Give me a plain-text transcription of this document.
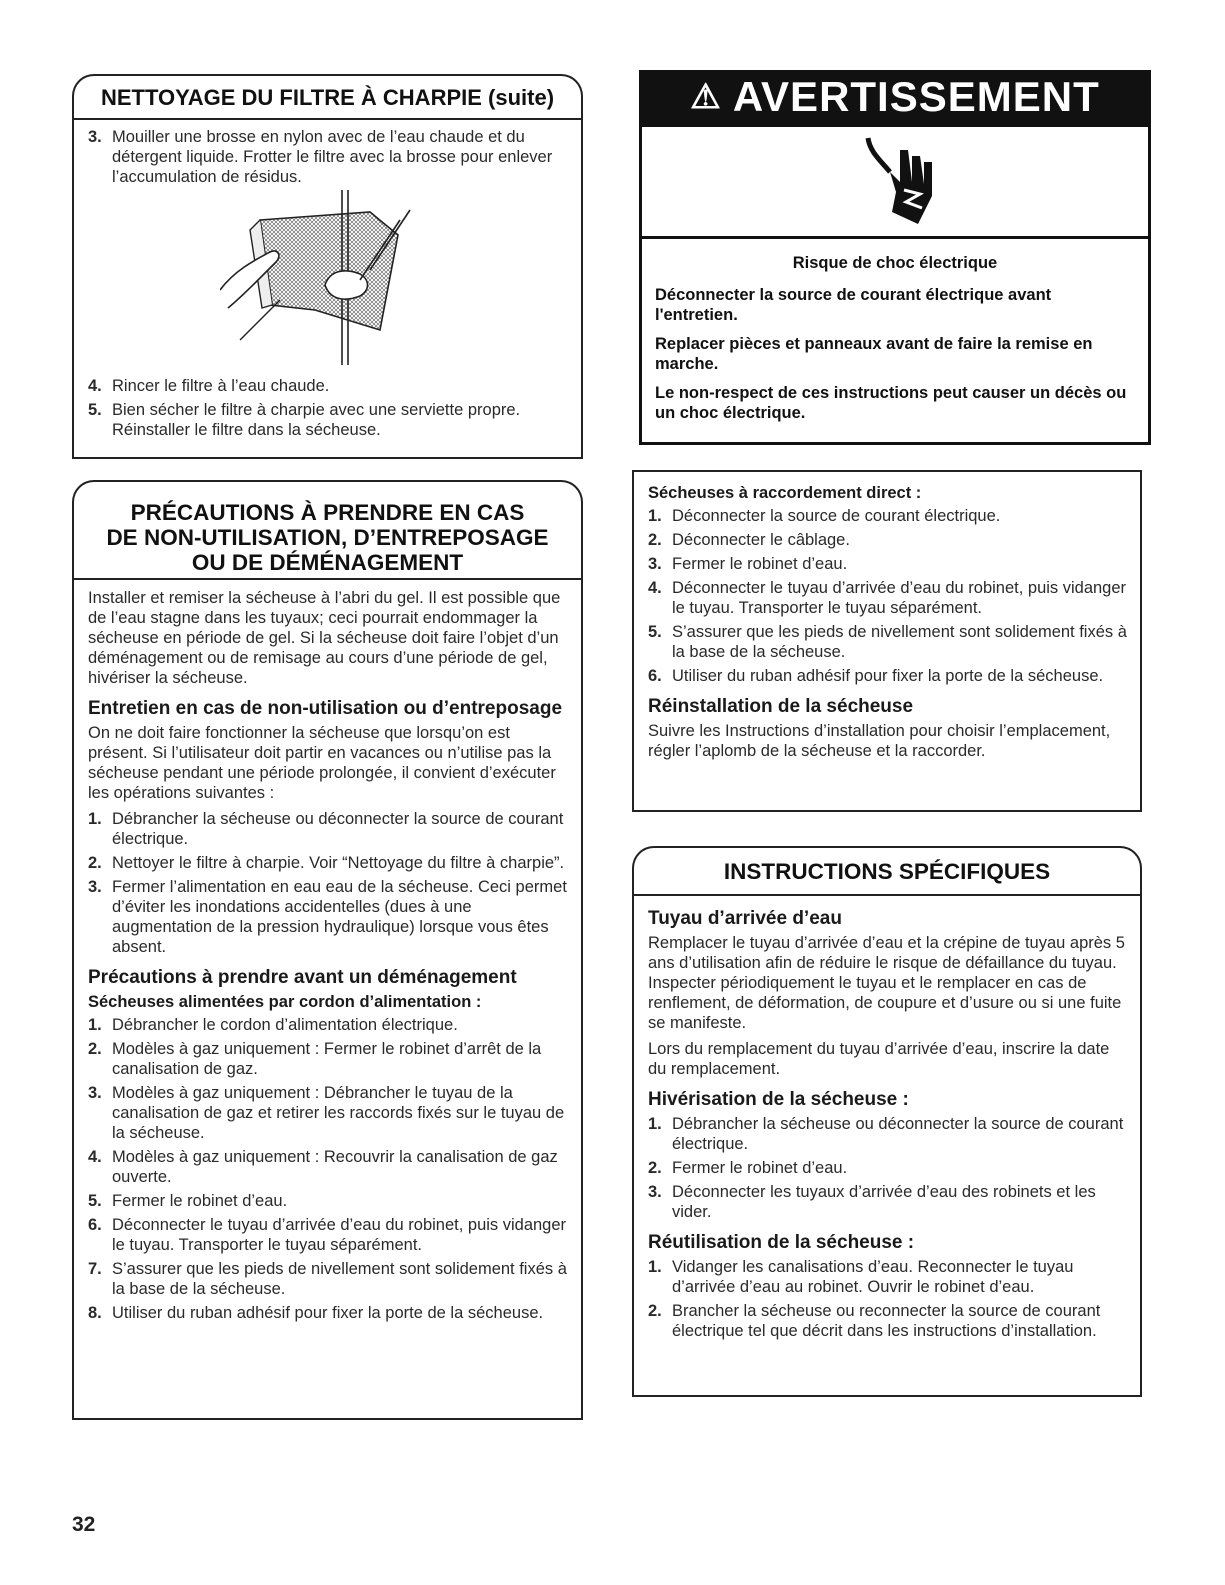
NETTOYAGE DU FILTRE À CHARPIE (suite)
3. Mouiller une brosse en nylon avec de l’eau chaude et du détergent liquide. Frotter le filtre avec la brosse pour enlever l’accumulation de résidus.
4. Rincer le filtre à l’eau chaude.
5. Bien sécher le filtre à charpie avec une serviette propre. Réinstaller le filtre dans la sécheuse.
⚠ AVERTISSEMENT

Risque de choc électrique

Déconnecter la source de courant électrique avant l'entretien.

Replacer pièces et panneaux avant de faire la remise en marche.

Le non-respect de ces instructions peut causer un décès ou un choc électrique.

PRÉCAUTIONS À PRENDRE EN CAS
DE NON-UTILISATION, D’ENTREPOSAGE
OU DE DÉMÉNAGEMENT

Installer et remiser la sécheuse à l’abri du gel. Il est possible que de l’eau stagne dans les tuyaux; ceci pourrait endommager la sécheuse en période de gel. Si la sécheuse doit faire l’objet d’un déménagement ou de remisage au cours d’une période de gel, hivériser la sécheuse.

Entretien en cas de non-utilisation ou d’entreposage

On ne doit faire fonctionner la sécheuse que lorsqu’on est présent. Si l’utilisateur doit partir en vacances ou n’utilise pas la sécheuse pendant une période prolongée, il convient d’exécuter les opérations suivantes :

1. Débrancher la sécheuse ou déconnecter la source de courant électrique.
2. Nettoyer le filtre à charpie. Voir “Nettoyage du filtre à charpie”.
3. Fermer l’alimentation en eau eau de la sécheuse. Ceci permet d’éviter les inondations accidentelles (dues à une augmentation de la pression hydraulique) lorsque vous êtes absent.
Précautions à prendre avant un déménagement
Sécheuses alimentées par cordon d’alimentation :
1. Débrancher le cordon d’alimentation électrique.
2. Modèles à gaz uniquement : Fermer le robinet d’arrêt de la canalisation de gaz.
3. Modèles à gaz uniquement : Débrancher le tuyau de la canalisation de gaz et retirer les raccords fixés sur le tuyau de la sécheuse.
4. Modèles à gaz uniquement : Recouvrir la canalisation de gaz ouverte.
5. Fermer le robinet d’eau.
6. Déconnecter le tuyau d’arrivée d’eau du robinet, puis vidanger le tuyau. Transporter le tuyau séparément.
7. S’assurer que les pieds de nivellement sont solidement fixés à la base de la sécheuse.
8. Utiliser du ruban adhésif pour fixer la porte de la sécheuse.
Sécheuses à raccordement direct :
1. Déconnecter la source de courant électrique.
2. Déconnecter le câblage.
3. Fermer le robinet d’eau.
4. Déconnecter le tuyau d’arrivée d’eau du robinet, puis vidanger le tuyau. Transporter le tuyau séparément.
5. S’assurer que les pieds de nivellement sont solidement fixés à la base de la sécheuse.
6. Utiliser du ruban adhésif pour fixer la porte de la sécheuse.
Réinstallation de la sécheuse

Suivre les Instructions d’installation pour choisir l’emplacement, régler l’aplomb de la sécheuse et la raccorder.

INSTRUCTIONS SPÉCIFIQUES
Tuyau d’arrivée d’eau

Remplacer le tuyau d’arrivée d’eau et la crépine de tuyau après 5 ans d’utilisation afin de réduire le risque de défaillance du tuyau. Inspecter périodiquement le tuyau et le remplacer en cas de renflement, de déformation, de coupure et d’usure ou si une fuite se manifeste.

Lors du remplacement du tuyau d’arrivée d’eau, inscrire la date du remplacement.

Hivérisation de la sécheuse :
1. Débrancher la sécheuse ou déconnecter la source de courant électrique.
2. Fermer le robinet d’eau.
3. Déconnecter les tuyaux d’arrivée d’eau des robinets et les vider.
Réutilisation de la sécheuse :
1. Vidanger les canalisations d’eau. Reconnecter le tuyau d’arrivée d’eau au robinet. Ouvrir le robinet d’eau.
2. Brancher la sécheuse ou reconnecter la source de courant électrique tel que décrit dans les instructions d’installation.
32
